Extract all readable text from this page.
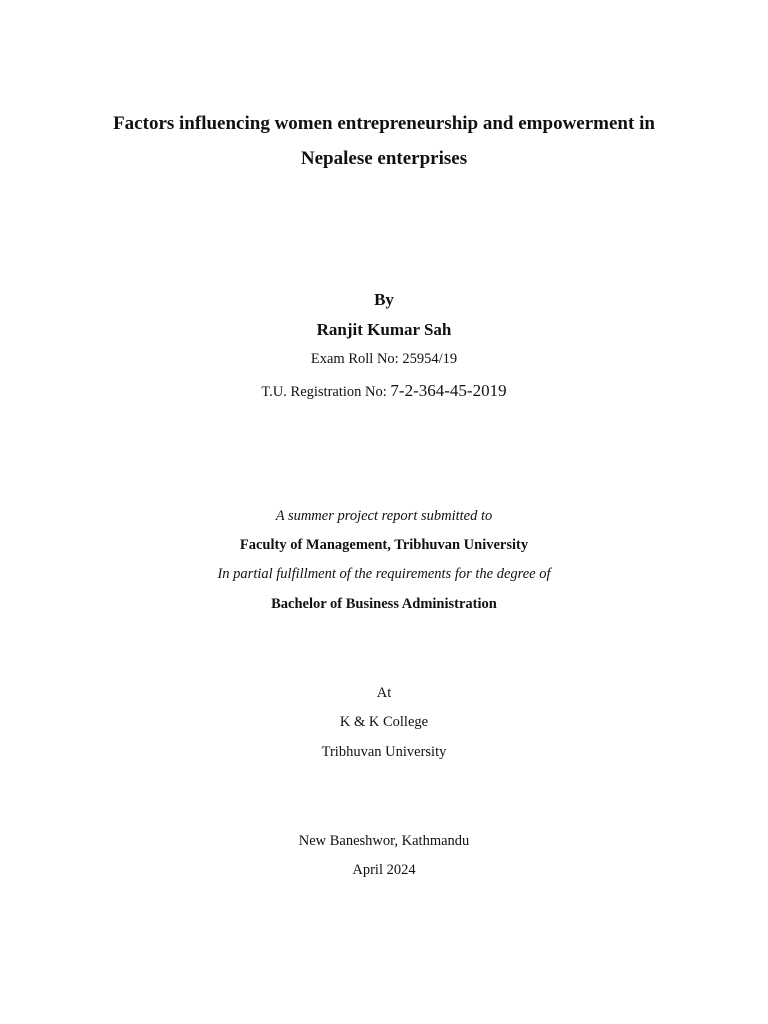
Factors influencing women entrepreneurship and empowerment in
Nepalese enterprises
By
Ranjit Kumar Sah
Exam Roll No: 25954/19
T.U. Registration No: 7-2-364-45-2019
A summer project report submitted to
Faculty of Management, Tribhuvan University
In partial fulfillment of the requirements for the degree of
Bachelor of Business Administration
At
K & K College
Tribhuvan University
New Baneshwor, Kathmandu
April 2024
